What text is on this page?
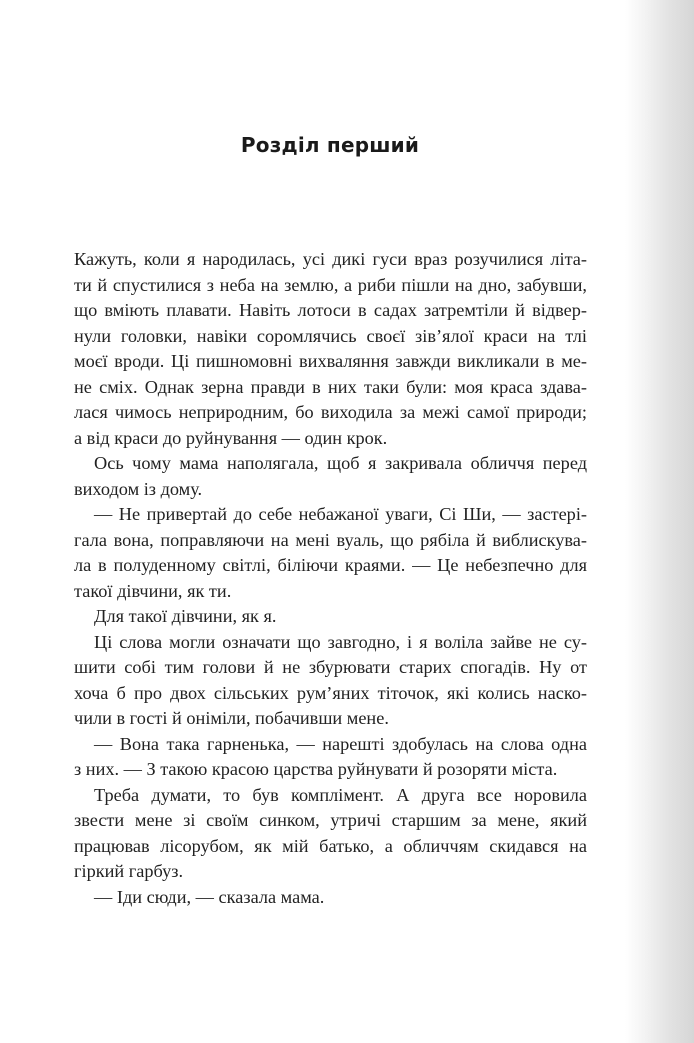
Розділ перший
Кажуть, коли я народилась, усі дикі гуси враз розучилися літа-
ти й спустилися з неба на землю, а риби пішли на дно, забувши,
що вміють плавати. Навіть лотоси в садах затремтіли й відвер-
нули головки, навіки соромлячись своєї зів’ялої краси на тлі
моєї вроди. Ці пишномовні вихваляння завжди викликали в ме-
не сміх. Однак зерна правди в них таки були: моя краса здава-
лася чимось неприродним, бо виходила за межі самої природи;
а від краси до руйнування — один крок.
Ось чому мама наполягала, щоб я закривала обличчя перед
виходом із дому.
— Не привертай до себе небажаної уваги, Сі Ши, — застері-
гала вона, поправляючи на мені вуаль, що рябіла й виблискува-
ла в полуденному світлі, біліючи краями. — Це небезпечно для
такої дівчини, як ти.
Для такої дівчини, як я.
Ці слова могли означати що завгодно, і я воліла зайве не су-
шити собі тим голови й не збурювати старих спогадів. Ну от
хоча б про двох сільських рум’яних тіточок, які колись наско-
чили в гості й оніміли, побачивши мене.
— Вона така гарненька, — нарешті здобулась на слова одна
з них. — З такою красою царства руйнувати й розоряти міста.
Треба думати, то був комплімент. А друга все норовила
звести мене зі своїм синком, утричі старшим за мене, який
працював лісорубом, як мій батько, а обличчям скидався на
гіркий гарбуз.
— Іди сюди, — сказала мама.
